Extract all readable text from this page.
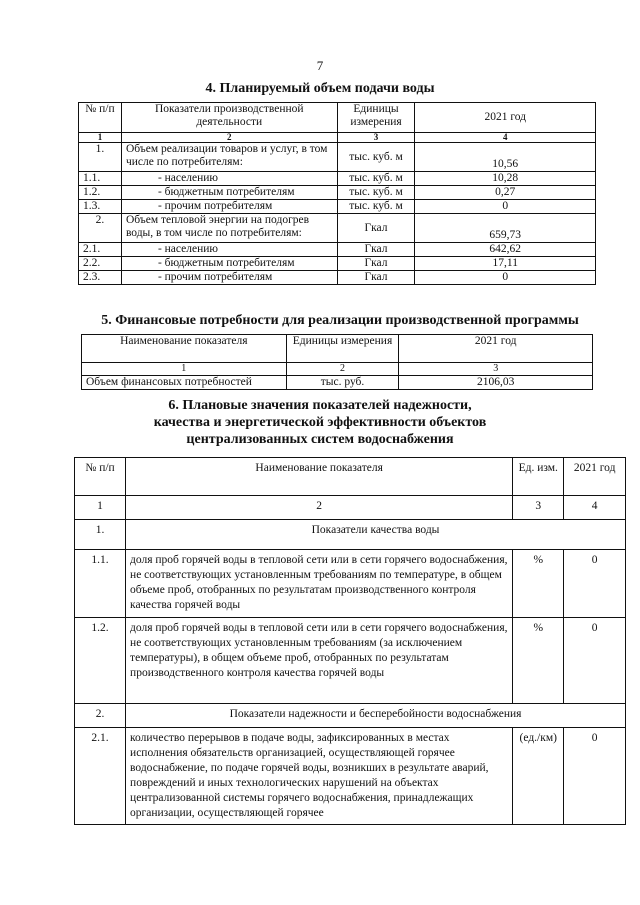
7
4. Планируемый объем подачи воды
№ п/п	Показатели производственной деятельности	Единицы измерения	2021 год
1	2	3	4
1.	Объем реализации товаров и услуг, в том числе по потребителям:	тыс. куб. м	10,56
1.1.	- населению	тыс. куб. м	10,28
1.2.	- бюджетным потребителям	тыс. куб. м	0,27
1.3.	- прочим потребителям	тыс. куб. м	0
2.	Объем тепловой энергии на подогрев воды, в том числе по потребителям:	Гкал	659,73
2.1.	- населению	Гкал	642,62
2.2.	- бюджетным потребителям	Гкал	17,11
2.3.	- прочим потребителям	Гкал	0
5. Финансовые потребности для реализации производственной программы
Наименование показателя	Единицы измерения	2021 год
1	2	3
Объем финансовых потребностей	тыс. руб.	2106,03
6. Плановые значения показателей надежности,
качества и энергетической эффективности объектов
централизованных систем водоснабжения
№ п/п	Наименование показателя	Ед. изм.	2021 год
1	2	3	4
1.	Показатели качества воды		
1.1.	доля проб горячей воды в тепловой сети или в сети горячего водоснабжения, не соответствующих установленным требованиям по температуре, в общем объеме проб, отобранных по результатам производственного контроля качества горячей воды	%	0
1.2.	доля проб горячей воды в тепловой сети или в сети горячего водоснабжения, не соответствующих установленным требованиям (за исключением температуры), в общем объеме проб, отобранных по результатам производственного контроля качества горячей воды	%	0
2.	Показатели надежности и бесперебойности водоснабжения		
2.1.	количество перерывов в подаче воды, зафиксированных в местах исполнения обязательств организацией, осуществляющей горячее водоснабжение, по подаче горячей воды, возникших в результате аварий, повреждений и иных технологических нарушений на объектах централизованной системы горячего водоснабжения, принадлежащих организации, осуществляющей горячее	(ед./км)	0
